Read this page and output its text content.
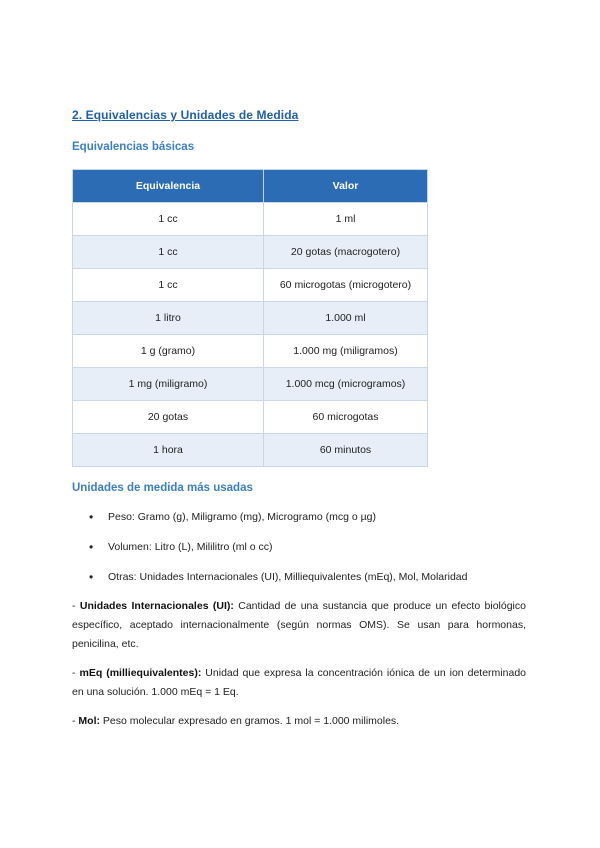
2. Equivalencias y Unidades de Medida
Equivalencias básicas
Equivalencia	Valor
1 cc	1 ml
1 cc	20 gotas (macrogotero)
1 cc	60 microgotas (microgotero)
1 litro	1.000 ml
1 g (gramo)	1.000 mg (miligramos)
1 mg (miligramo)	1.000 mcg (microgramos)
20 gotas	60 microgotas
1 hora	60 minutos
Unidades de medida más usadas
• Peso: Gramo (g), Miligramo (mg), Microgramo (mcg o µg)
• Volumen: Litro (L), Mililitro (ml o cc)
• Otras: Unidades Internacionales (UI), Milliequivalentes (mEq), Mol, Molaridad
- Unidades Internacionales (UI): Cantidad de una sustancia que produce un efecto biológico específico, aceptado internacionalmente (según normas OMS). Se usan para hormonas, penicilina, etc.
- mEq (milliequivalentes): Unidad que expresa la concentración iónica de un ion determinado en una solución. 1.000 mEq = 1 Eq.
- Mol: Peso molecular expresado en gramos. 1 mol = 1.000 milimoles.
